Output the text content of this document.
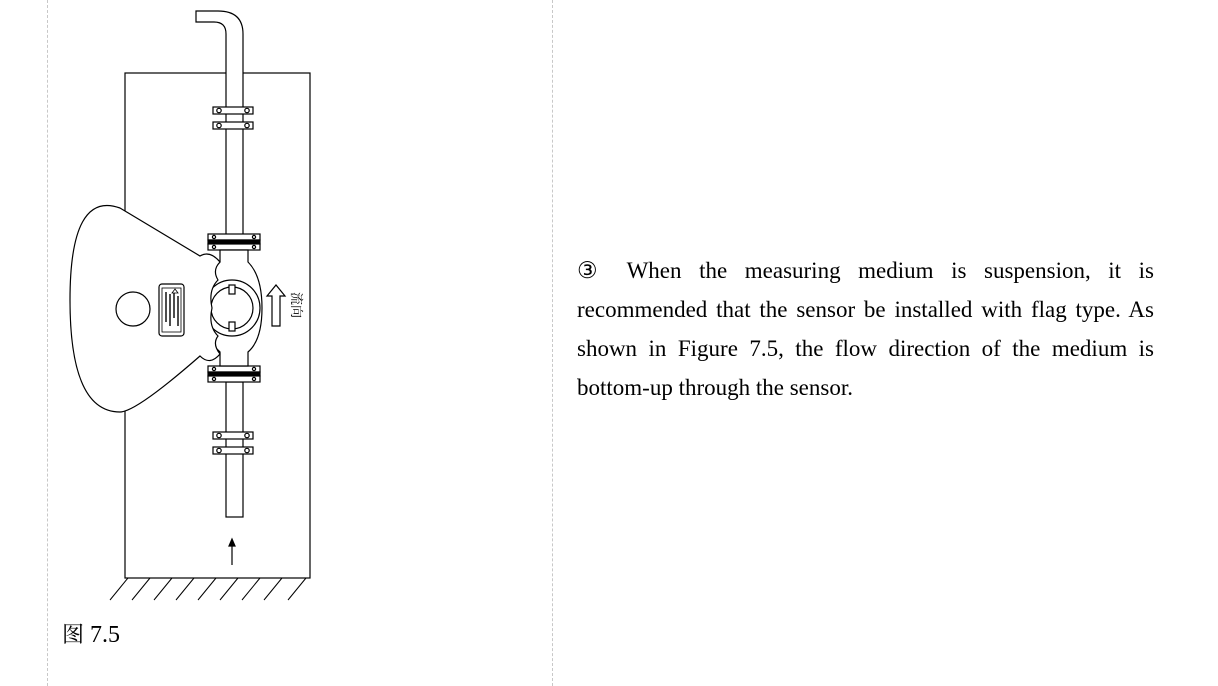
流向
图 7.5
③ When the measuring medium is suspension, it is recommended that the sensor be installed with flag type. As shown in Figure 7.5, the flow direction of the medium is bottom-up through the sensor.
